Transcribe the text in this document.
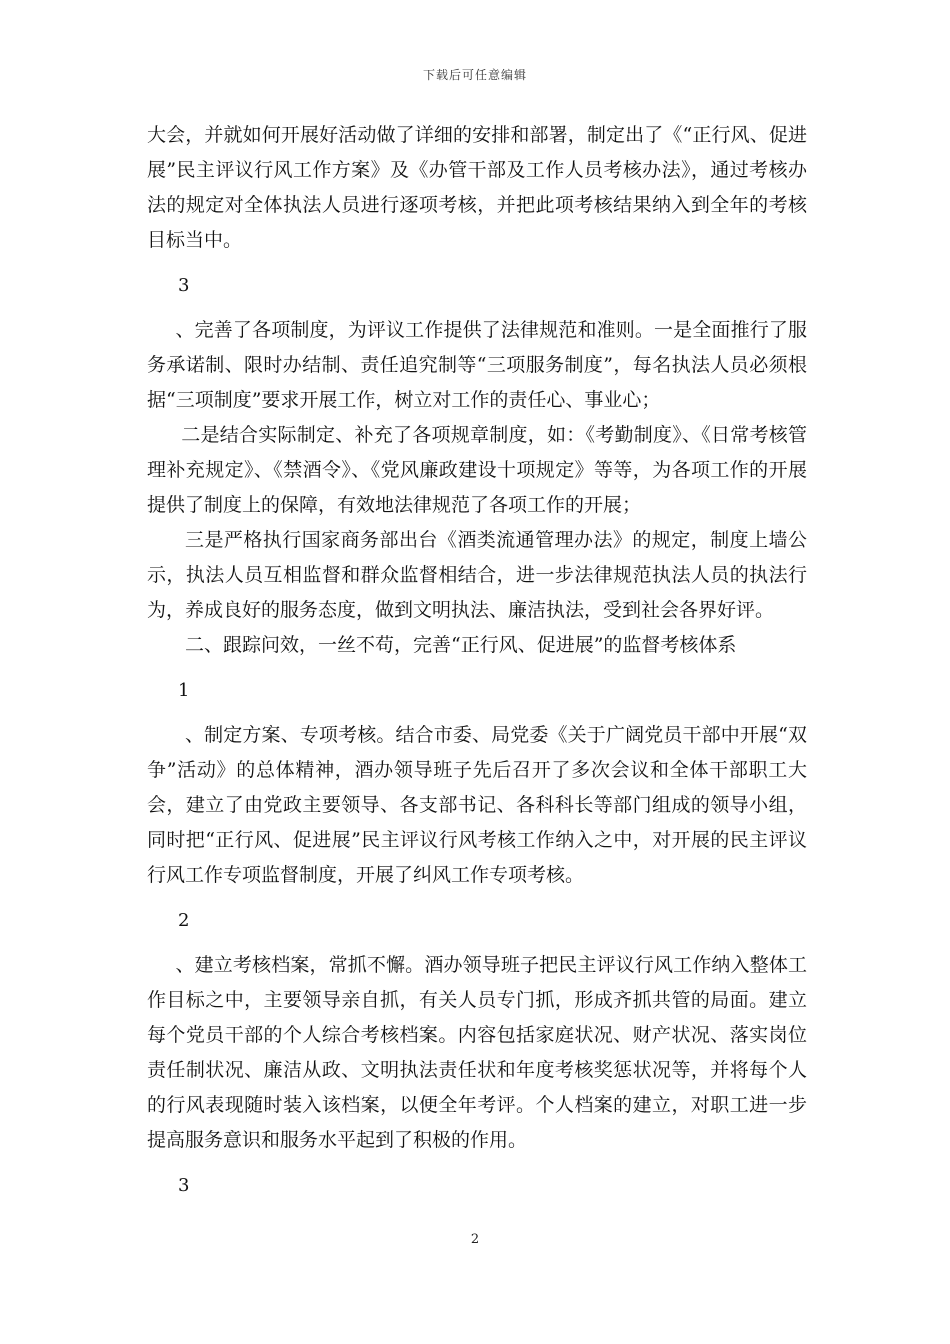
下载后可任意编辑

大会，并就如何开展好活动做了详细的安排和部署，制定出了《“正行风、促进展”民主评议行风工作方案》及《办管干部及工作人员考核办法》，通过考核办法的规定对全体执法人员进行逐项考核，并把此项考核结果纳入到全年的考核目标当中。

3

、完善了各项制度，为评议工作提供了法律规范和准则。一是全面推行了服务承诺制、限时办结制、责任追究制等“三项服务制度”，每名执法人员必须根据“三项制度”要求开展工作，树立对工作的责任心、事业心；

二是结合实际制定、补充了各项规章制度，如：《考勤制度》、《日常考核管理补充规定》、《禁酒令》、《党风廉政建设十项规定》等等，为各项工作的开展提供了制度上的保障，有效地法律规范了各项工作的开展；

三是严格执行国家商务部出台《酒类流通管理办法》的规定，制度上墙公示，执法人员互相监督和群众监督相结合，进一步法律规范执法人员的执法行为，养成良好的服务态度，做到文明执法、廉洁执法，受到社会各界好评。

二、跟踪问效，一丝不苟，完善“正行风、促进展”的监督考核体系

1

、制定方案、专项考核。结合市委、局党委《关于广阔党员干部中开展“双争”活动》的总体精神，酒办领导班子先后召开了多次会议和全体干部职工大会，建立了由党政主要领导、各支部书记、各科科长等部门组成的领导小组，同时把“正行风、促进展”民主评议行风考核工作纳入之中，对开展的民主评议行风工作专项监督制度，开展了纠风工作专项考核。

2

、建立考核档案，常抓不懈。酒办领导班子把民主评议行风工作纳入整体工作目标之中，主要领导亲自抓，有关人员专门抓，形成齐抓共管的局面。建立每个党员干部的个人综合考核档案。内容包括家庭状况、财产状况、落实岗位责任制状况、廉洁从政、文明执法责任状和年度考核奖惩状况等，并将每个人的行风表现随时装入该档案，以便全年考评。个人档案的建立，对职工进一步提高服务意识和服务水平起到了积极的作用。

3

2
